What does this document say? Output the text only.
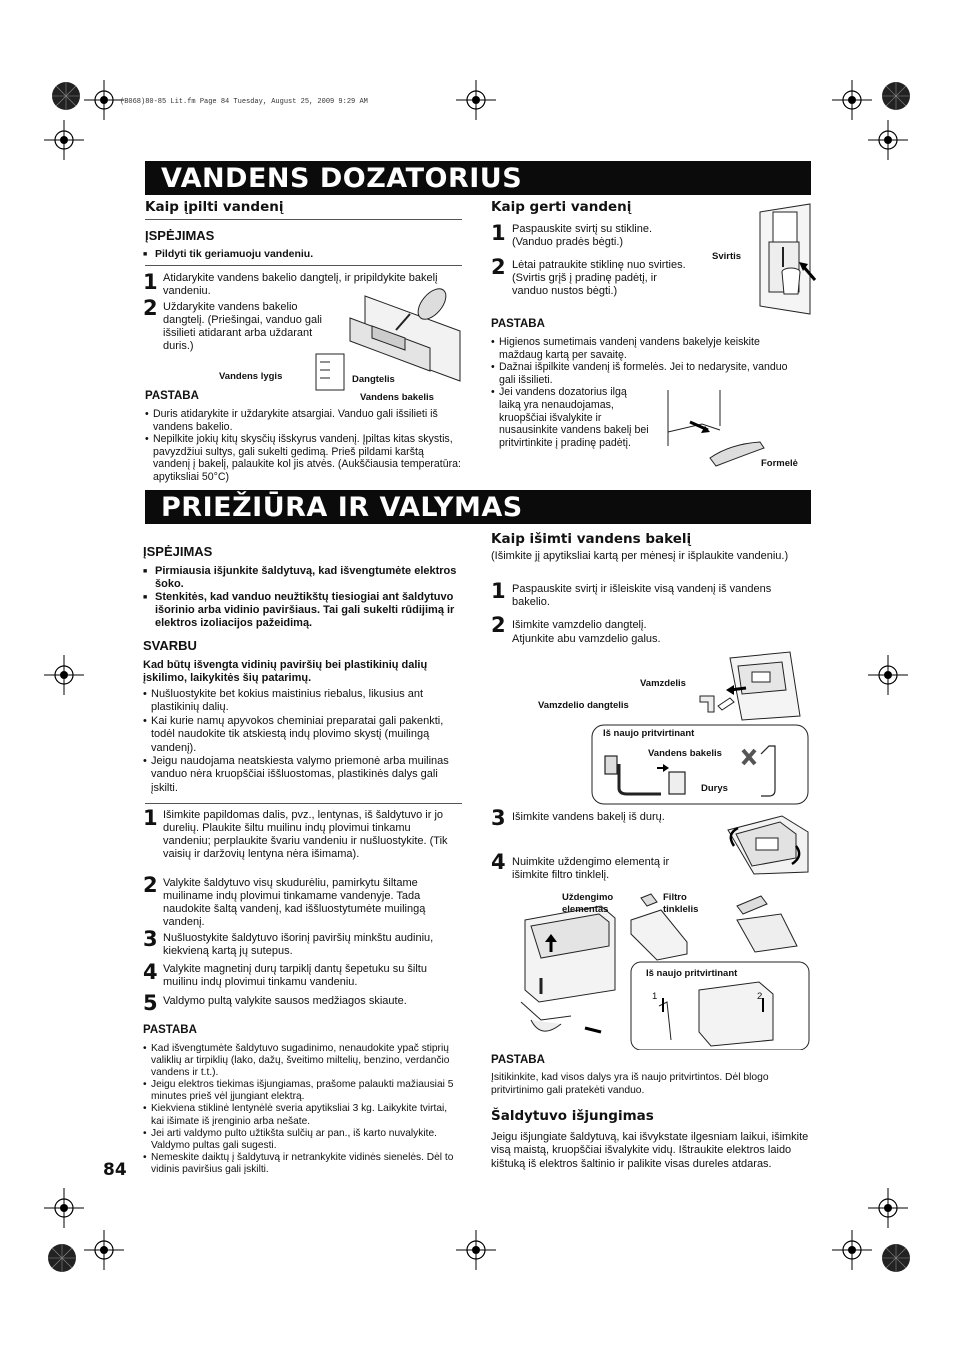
(B068)80-85 Lit.fm Page 84 Tuesday, August 25, 2009 9:29 AM
VANDENS DOZATORIUS
Kaip įpilti vandenį
ĮSPĖJIMAS
■ Pildyti tik geriamuoju vandeniu.
1 Atidarykite vandens bakelio dangtelį, ir pripildykite bakelį vandeniu.
2 Uždarykite vandens bakelio dangtelį. (Priešingai, vanduo gali išsilieti atidarant arba uždarant duris.)
Vandens lygis	Dangtelis
Vandens bakelis
PASTABA
• Duris atidarykite ir uždarykite atsargiai. Vanduo gali išsilieti iš vandens bakelio.
• Nepilkite jokių kitų skysčių išskyrus vandenį. Įpiltas kitas skystis, pavyzdžiui sultys, gali sukelti gedimą. Prieš pildami karštą vandenį į bakelį, palaukite kol jis atvės. (Aukščiausia temperatūra: apytiksliai 50°C)
Kaip gerti vandenį
1 Paspauskite svirtį su stikline. (Vanduo pradės bėgti.)
2 Lėtai patraukite stiklinę nuo svirties. (Svirtis grįš į pradinę padėtį, ir vanduo nustos bėgti.)
Svirtis
PASTABA
• Higienos sumetimais vandenį vandens bakelyje keiskite maždaug kartą per savaitę.
• Dažnai išpilkite vandenį iš formelės. Jei to nedarysite, vanduo gali išsilieti.
• Jei vandens dozatorius ilgą laiką yra nenaudojamas, kruopščiai išvalykite ir nusausinkite vandens bakelį bei pritvirtinkite į pradinę padėtį.
Formelė
PRIEŽIŪRA IR VALYMAS
ĮSPĖJIMAS
■ Pirmiausia išjunkite šaldytuvą, kad išvengtumėte elektros šoko.
■ Stenkitės, kad vanduo neužtikštų tiesiogiai ant šaldytuvo išorinio arba vidinio paviršiaus. Tai gali sukelti rūdijimą ir elektros izoliacijos pažeidimą.
SVARBU
Kad būtų išvengta vidinių paviršių bei plastikinių dalių įskilimo, laikykitės šių patarimų.
• Nušluostykite bet kokius maistinius riebalus, likusius ant plastikinių dalių.
• Kai kurie namų apyvokos cheminiai preparatai gali pakenkti, todėl naudokite tik atskiestą indų plovimo skystį (muilingą vandenį).
• Jeigu naudojama neatskiesta valymo priemonė arba muilinas vanduo nėra kruopščiai iššluostomas, plastikinės dalys gali įskilti.
1 Išimkite papildomas dalis, pvz., lentynas, iš šaldytuvo ir jo durelių. Plaukite šiltu muilinu indų plovimui tinkamu vandeniu; perplaukite švariu vandeniu ir nušluostykite. (Tik vaisių ir daržovių lentyna nėra išimama).
2 Valykite šaldytuvo visų skudurėliu, pamirkytu šiltame muiliname indų plovimui tinkamame vandenyje. Tada naudokite šaltą vandenį, kad iššluostytumėte muilingą vandenį.
3 Nušluostykite šaldytuvo išorinį paviršių minkštu audiniu, kiekvieną kartą jų sutepus.
4 Valykite magnetinį durų tarpiklį dantų šepetuku su šiltu muilinu indų plovimui tinkamu vandeniu.
5 Valdymo pultą valykite sausos medžiagos skiaute.
PASTABA
• Kad išvengtumėte šaldytuvo sugadinimo, nenaudokite ypač stiprių valiklių ar tirpiklių (lako, dažų, šveitimo miltelių, benzino, verdančio vandens ir t.t.).
• Jeigu elektros tiekimas išjungiamas, prašome palaukti mažiausiai 5 minutes prieš vėl įjungiant elektrą.
• Kiekviena stiklinė lentynėlė sveria apytiksliai 3 kg. Laikykite tvirtai, kai išimate iš įrenginio arba nešate.
• Jei arti valdymo pulto užtikšta sulčių ar pan., iš karto nuvalykite. Valdymo pultas gali sugesti.
• Nemeskite daiktų į šaldytuvą ir netrankykite vidinės sienelės. Dėl to vidinis paviršius gali įskilti.
Kaip išimti vandens bakelį
(Išimkite jį apytiksliai kartą per mėnesį ir išplaukite vandeniu.)
1 Paspauskite svirtį ir išleiskite visą vandenį iš vandens bakelio.
2 Išimkite vamzdelio dangtelį.
Atjunkite abu vamzdelio galus.
Vamzdelis
Vamzdelio dangtelis
Iš naujo pritvirtinant
Vandens bakelis
Durys
3 Išimkite vandens bakelį iš durų.
4 Nuimkite uždengimo elementą ir išimkite filtro tinklelį.
Uždengimo elementas
Filtro tinklelis
Iš naujo pritvirtinant
1	2
PASTABA
Įsitikinkite, kad visos dalys yra iš naujo pritvirtintos. Dėl blogo pritvirtinimo gali pratekėti vanduo.
Šaldytuvo išjungimas
Jeigu išjungiate šaldytuvą, kai išvykstate ilgesniam laikui, išimkite visą maistą, kruopščiai išvalykite vidų. Ištraukite elektros laido kištuką iš elektros šaltinio ir palikite visas dureles atdaras.
84
